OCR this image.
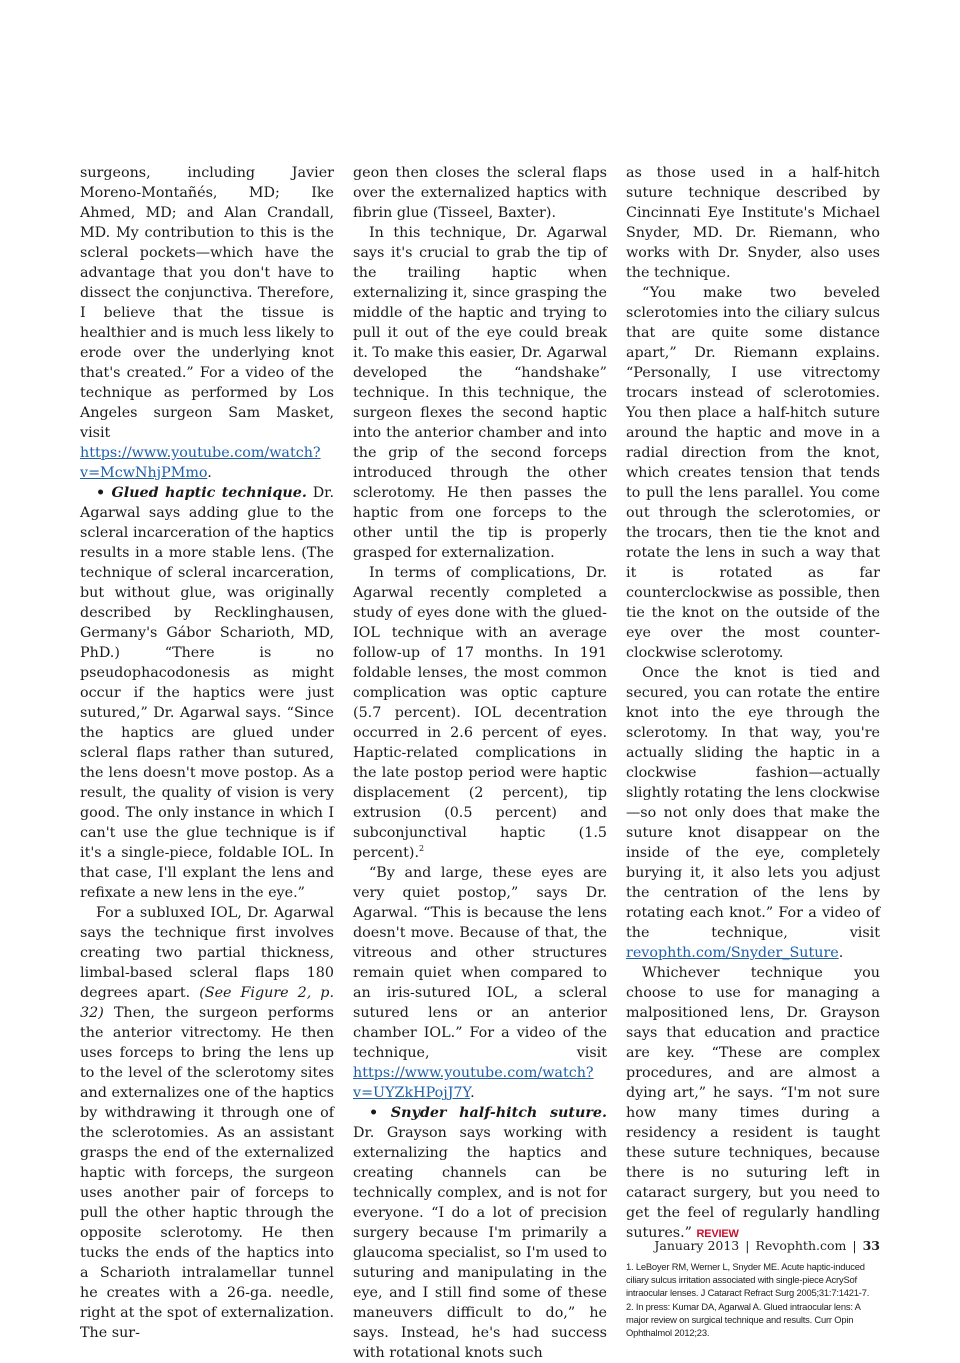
surgeons, including Javier Moreno-Montañés, MD; Ike Ahmed, MD; and Alan Crandall, MD. My contribution to this is the scleral pockets—which have the advantage that you don't have to dissect the conjunctiva. Therefore, I believe that the tissue is healthier and is much less likely to erode over the underlying knot that's created.” For a video of the technique as performed by Los Angeles surgeon Sam Masket, visit https://www.youtube.com/watch?v=McwNhjPMmo.

• Glued haptic technique. Dr. Agarwal says adding glue to the scleral incarceration of the haptics results in a more stable lens. (The technique of scleral incarceration, but without glue, was originally described by Recklinghausen, Germany's Gábor Scharioth, MD, PhD.) “There is no pseudophacodonesis as might occur if the haptics were just sutured,” Dr. Agarwal says. “Since the haptics are glued under scleral flaps rather than sutured, the lens doesn't move postop. As a result, the quality of vision is very good. The only instance in which I can't use the glue technique is if it's a single-piece, foldable IOL. In that case, I'll explant the lens and refixate a new lens in the eye.”

For a subluxed IOL, Dr. Agarwal says the technique first involves creating two partial thickness, limbal-based scleral flaps 180 degrees apart. (See Figure 2, p. 32) Then, the surgeon performs the anterior vitrectomy. He then uses forceps to bring the lens up to the level of the sclerotomy sites and externalizes one of the haptics by withdrawing it through one of the sclerotomies. As an assistant grasps the end of the externalized haptic with forceps, the surgeon uses another pair of forceps to pull the other haptic through the opposite sclerotomy. He then tucks the ends of the haptics into a Scharioth intralamellar tunnel he creates with a 26-ga. needle, right at the spot of externalization. The sur-

geon then closes the scleral flaps over the externalized haptics with fibrin glue (Tisseel, Baxter).

In this technique, Dr. Agarwal says it's crucial to grab the tip of the trailing haptic when externalizing it, since grasping the middle of the haptic and trying to pull it out of the eye could break it. To make this easier, Dr. Agarwal developed the “handshake” technique. In this technique, the surgeon flexes the second haptic into the anterior chamber and into the grip of the second forceps introduced through the other sclerotomy. He then passes the haptic from one forceps to the other until the tip is properly grasped for externalization.

In terms of complications, Dr. Agarwal recently completed a study of eyes done with the glued-IOL technique with an average follow-up of 17 months. In 191 foldable lenses, the most common complication was optic capture (5.7 percent). IOL decentration occurred in 2.6 percent of eyes. Haptic-related complications in the late postop period were haptic displacement (2 percent), tip extrusion (0.5 percent) and subconjunctival haptic (1.5 percent).$^2$

“By and large, these eyes are very quiet postop,” says Dr. Agarwal. “This is because the lens doesn't move. Because of that, the vitreous and other structures remain quiet when compared to an iris-sutured IOL, a scleral sutured lens or an anterior chamber IOL.” For a video of the technique, visit https://www.youtube.com/watch?v=UYZkHPojJ7Y.

• Snyder half-hitch suture. Dr. Grayson says working with externalizing the haptics and creating channels can be technically complex, and is not for everyone. “I do a lot of precision surgery because I'm primarily a glaucoma specialist, so I'm used to suturing and manipulating in the eye, and I still find some of these maneuvers difficult to do,” he says. Instead, he's had success with rotational knots such

as those used in a half-hitch suture technique described by Cincinnati Eye Institute's Michael Snyder, MD. Dr. Riemann, who works with Dr. Snyder, also uses the technique.

“You make two beveled sclerotomies into the ciliary sulcus that are quite some distance apart,” Dr. Riemann explains. “Personally, I use vitrectomy trocars instead of sclerotomies. You then place a half-hitch suture around the haptic and move in a radial direction from the knot, which creates tension that tends to pull the lens parallel. You come out through the sclerotomies, or the trocars, then tie the knot and rotate the lens in such a way that it is rotated as far counterclockwise as possible, then tie the knot on the outside of the eye over the most counter-clockwise sclerotomy.

Once the knot is tied and secured, you can rotate the entire knot into the eye through the sclerotomy. In that way, you're actually sliding the haptic in a clockwise fashion—actually slightly rotating the lens clockwise—so not only does that make the suture knot disappear on the inside of the eye, completely burying it, it also lets you adjust the centration of the lens by rotating each knot.” For a video of the technique, visit revophth.com/Snyder_Suture.

Whichever technique you choose to use for managing a malpositioned lens, Dr. Grayson says that education and practice are key. “These are complex procedures, and are almost a dying art,” he says. “I'm not sure how many times during a residency a resident is taught these suture techniques, because there is no suturing left in cataract surgery, but you need to get the feel of regularly handling sutures.” REVIEW

1. LeBoyer RM, Werner L, Snyder ME. Acute haptic-induced ciliary sulcus irritation associated with single-piece AcrySof intraocular lenses. J Cataract Refract Surg 2005;31:7:1421-7.
2. In press: Kumar DA, Agarwal A. Glued intraocular lens: A major review on surgical technique and results. Curr Opin Ophthalmol 2012;23.
January 2013 | Revophth.com | 33
